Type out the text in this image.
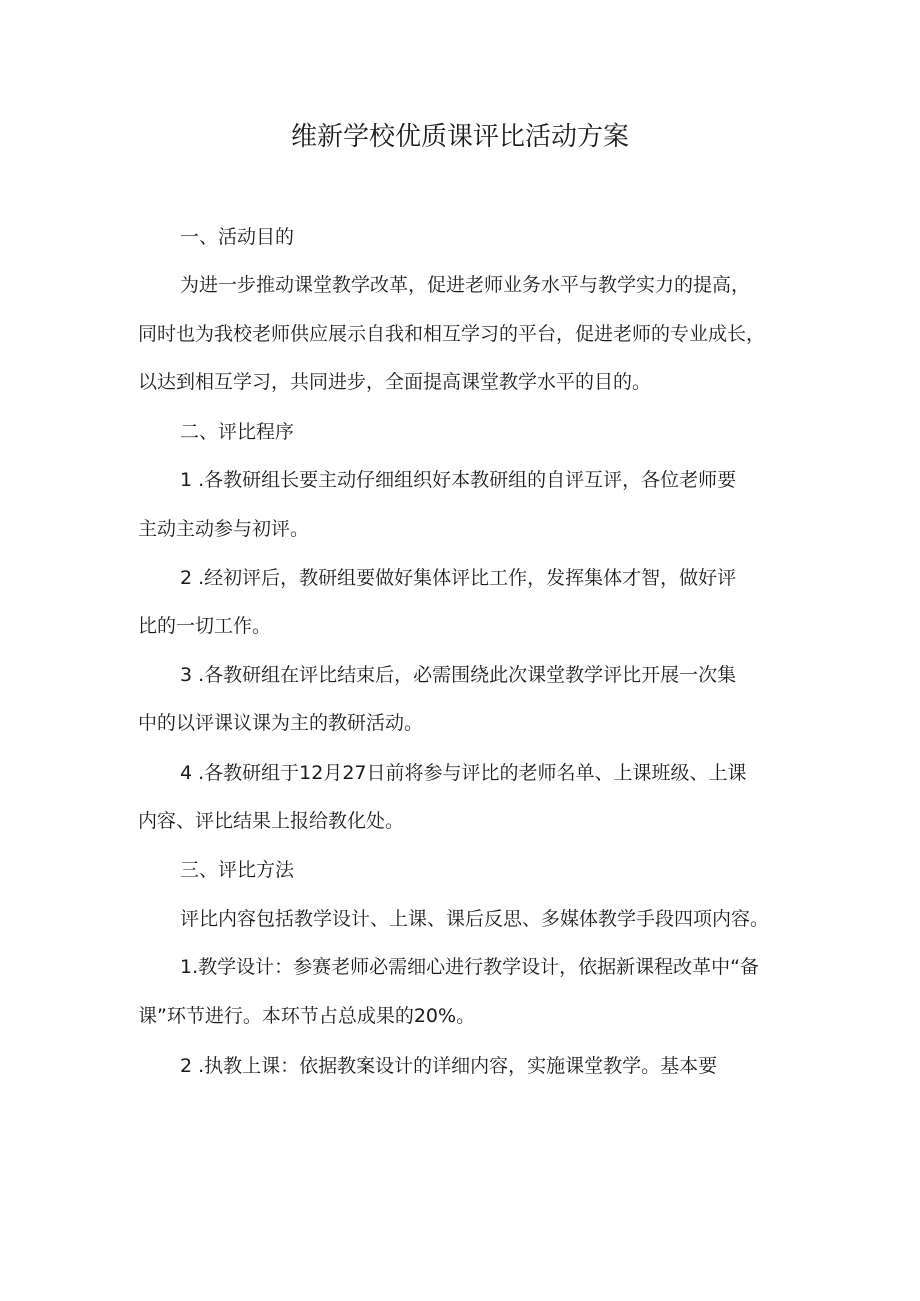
维新学校优质课评比活动方案

一、活动目的

为进一步推动课堂教学改革，促进老师业务水平与教学实力的提高，

同时也为我校老师供应展示自我和相互学习的平台，促进老师的专业成长，

以达到相互学习，共同进步，全面提高课堂教学水平的目的。

二、评比程序

1 .各教研组长要主动仔细组织好本教研组的自评互评，各位老师要

主动主动参与初评。

2 .经初评后，教研组要做好集体评比工作，发挥集体才智，做好评

比的一切工作。

3 .各教研组在评比结束后，必需围绕此次课堂教学评比开展一次集

中的以评课议课为主的教研活动。

4 .各教研组于12月27日前将参与评比的老师名单、上课班级、上课

内容、评比结果上报给教化处。

三、评比方法

评比内容包括教学设计、上课、课后反思、多媒体教学手段四项内容。

1.教学设计：参赛老师必需细心进行教学设计，依据新课程改革中“备

课”环节进行。本环节占总成果的20%。

2 .执教上课：依据教案设计的详细内容，实施课堂教学。基本要
